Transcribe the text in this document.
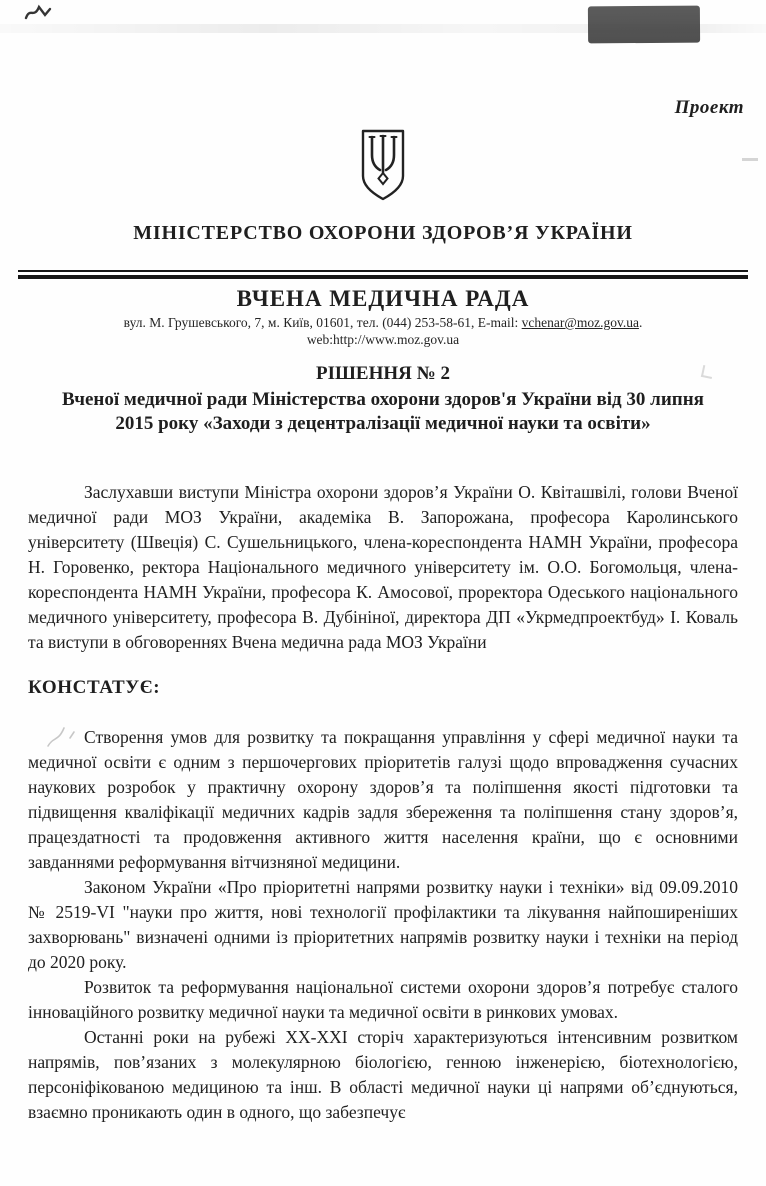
Проект
МІНІСТЕРСТВО ОХОРОНИ ЗДОРОВ’Я УКРАЇНИ
ВЧЕНА МЕДИЧНА РАДА
вул. М. Грушевського, 7, м. Київ, 01601, тел. (044) 253-58-61, E-mail: vchenar@moz.gov.ua.
web:http://www.moz.gov.ua
РІШЕННЯ № 2
Вченої медичної ради Міністерства охорони здоров'я України від 30 липня
2015 року «Заходи з децентралізації медичної науки та освіти»

Заслухавши виступи Міністра охорони здоров’я України О. Квіташвілі, голови Вченої медичної ради МОЗ України, академіка В. Запорожана, професора Каролинського університету (Швеція) С. Сушельницького, члена-кореспондента НАМН України, професора Н. Горовенко, ректора Національного медичного університету ім. О.О. Богомольця, члена-кореспондента НАМН України, професора К. Амосової, проректора Одеського національного медичного університету, професора В. Дубініної, директора ДП «Укрмедпроектбуд» І. Коваль та виступи в обговореннях Вчена медична рада МОЗ України

КОНСТАТУЄ:

Створення умов для розвитку та покращання управління у сфері медичної науки та медичної освіти є одним з першочергових пріоритетів галузі щодо впровадження сучасних наукових розробок у практичну охорону здоров’я та поліпшення якості підготовки та підвищення кваліфікації медичних кадрів задля збереження та поліпшення стану здоров’я, працездатності та продовження активного життя населення країни, що є основними завданнями реформування вітчизняної медицини.

Законом України «Про пріоритетні напрями розвитку науки і техніки» від 09.09.2010 № 2519-VI "науки про життя, нові технології профілактики та лікування найпоширеніших захворювань" визначені одними із пріоритетних напрямів розвитку науки і техніки на період до 2020 року.

Розвиток та реформування національної системи охорони здоров’я потребує сталого інноваційного розвитку медичної науки та медичної освіти в ринкових умовах.

Останні роки на рубежі ХХ-ХХІ сторіч характеризуються інтенсивним розвитком напрямів, пов’язаних з молекулярною біологією, генною інженерією, біотехнологією, персоніфікованою медициною та інш. В області медичної науки ці напрями об’єднуються, взаємно проникають один в одного, що забезпечує
